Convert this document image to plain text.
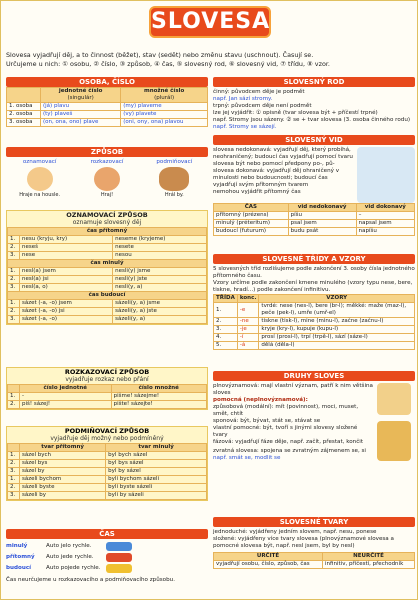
SLOVESA
Slovesa vyjadřují děj, a to činnost (běžet), stav (sedět) nebo změnu stavu (uschnout). Časují se.
Určujeme u nich: ① osobu, ② číslo, ③ způsob, ④ čas, ⑤ slovesný rod, ⑥ slovesný vid, ⑦ třídu, ⑧ vzor.
OSOBA, ČÍSLO
	jednotné číslo
(singulár)	množné číslo
(plurál)
1. osoba	(já) plavu	(my) plaveme
2. osoba	(ty) plaveš	(vy) plavete
3. osoba	(on, ona, ono) plave	(oni, ony, ona) plavou
ZPŮSOB
oznamovací
Hraje na housle.
rozkazovací
Hraj!
podmiňovací
Hrál by.
OZNAMOVACÍ ZPŮSOB
oznamuje slovesný děj
čas přítomný		
1.	nesu (kryju, kry)	neseme (kryjeme)
2.	neseš	nesete
3.	nese	nesou
čas minulý		
1.	nesl(a) jsem	nesli(y) jsme
2.	nesl(a) jsi	nesli(y) jste
3.	nesl(a, o)	nesli(y, a)
čas budoucí		
1.	sázet (-a, -o) jsem	sázeli(y, a) jsme
2.	sázet (-a, -o) jsi	sázeli(y, a) jste
3.	sázet (-a, -o)	sázeli(y, a)
ROZKAZOVACÍ ZPŮSOB
vyjadřuje rozkaz nebo přání
	číslo jednotné	číslo množné
1.	-	pišme! sázejme!
2.	piš! sázej!	pište! sázejte!
PODMIŇOVACÍ ZPŮSOB
vyjadřuje děj možný nebo podmíněný
	tvar přítomný	tvar minulý
1.	sázel bych	byl bych sázel
2.	sázel bys	byl bys sázel
3.	sázel by	byl by sázel
1.	sázeli bychom	byli bychom sázeli
2.	sázeli byste	byli byste sázeli
3.	sázeli by	byli by sázeli
ČAS
minulý	Auto jelo rychle.
přítomný	Auto jede rychle.
budoucí	Auto pojede rychle.
Čas neurčujeme u rozkazovacího a podmiňovacího způsobu.
SLOVESNÝ ROD
činný: původcem děje je podmět
např. Jan sází stromy.
trpný: původcem děje není podmět
lze jej vyjádřit: ① opisně (tvar slovesa být + příčestí trpné)
např. Stromy jsou sázeny. ② se + tvar slovesa (3. osoba činného rodu)
např. Stromy se sázejí.
SLOVESNÝ VID
slovesa nedokonavá: vyjadřují děj, který probíhá, neohraničený; budoucí čas vyjadřují pomocí tvaru slovesa být nebo pomocí předpony po-, pů-
slovesa dokonavá: vyjadřují děj ohraničený v minulosti nebo budoucnosti; budoucí čas vyjadřují svým přítomným tvarem
nemohou vyjádřit přítomný čas
ČAS	vid nedokonavý	vid dokonavý
přítomný (prézens)	píšu	–
minulý (préteritum)	psal jsem	napsal jsem
budoucí (futurum)	budu psát	napíšu
SLOVESNÉ TŘÍDY A VZORY
5 slovesných tříd rozlišujeme podle zakončení 3. osoby čísla jednotného přítomného času.
Vzory určíme podle zakončení kmene minulého (vzory typu nese, bere, tiskne, hradí...) podle zakončení infinitivu.
TŘÍDA	konc.	VZORY
1.	-e	tvrdé: nese (nes-l), bere (br-l); měkké: maže (maz-l), peče (pek-l), umře (umř-el)
2.	-ne	tiskne (tisk-l), mine (minu-l), začne (začnu-l)
3.	-je	kryje (kry-l), kupuje (kupu-l)
4.	-í	prosí (prosí-l), trpí (trpě-l), sází (sáze-l)
5.	-á	dělá (děla-l)
DRUHY SLOVES
plnovýznamová: mají vlastní význam, patří k nim většina sloves
pomocná (neplnovýznamová):
způsobová (modální): mít (povinnost), moci, muset, smět, chtít
sponová: být, bývat, stát se, stávat se
vlastní pomocné: být, tvoří s jinými slovesy složené tvary
fázová: vyjadřují fáze děje, např. začít, přestat, končit
zvratná slovesa: spojena se zvratným zájmenem se, si
např. smát se, modlit se
SLOVESNÉ TVARY
jednoduché: vyjádřeny jedním slovem, např. nesu, ponese
složené: vyjádřeny více tvary slovesa (plnovýznamové slovesa a pomocné slovesa být, např. nesl jsem, byl by nesl)
URČITÉ	NEURČITÉ
vyjadřují osobu, číslo, způsob, čas	infinitiv, příčestí, přechodník
